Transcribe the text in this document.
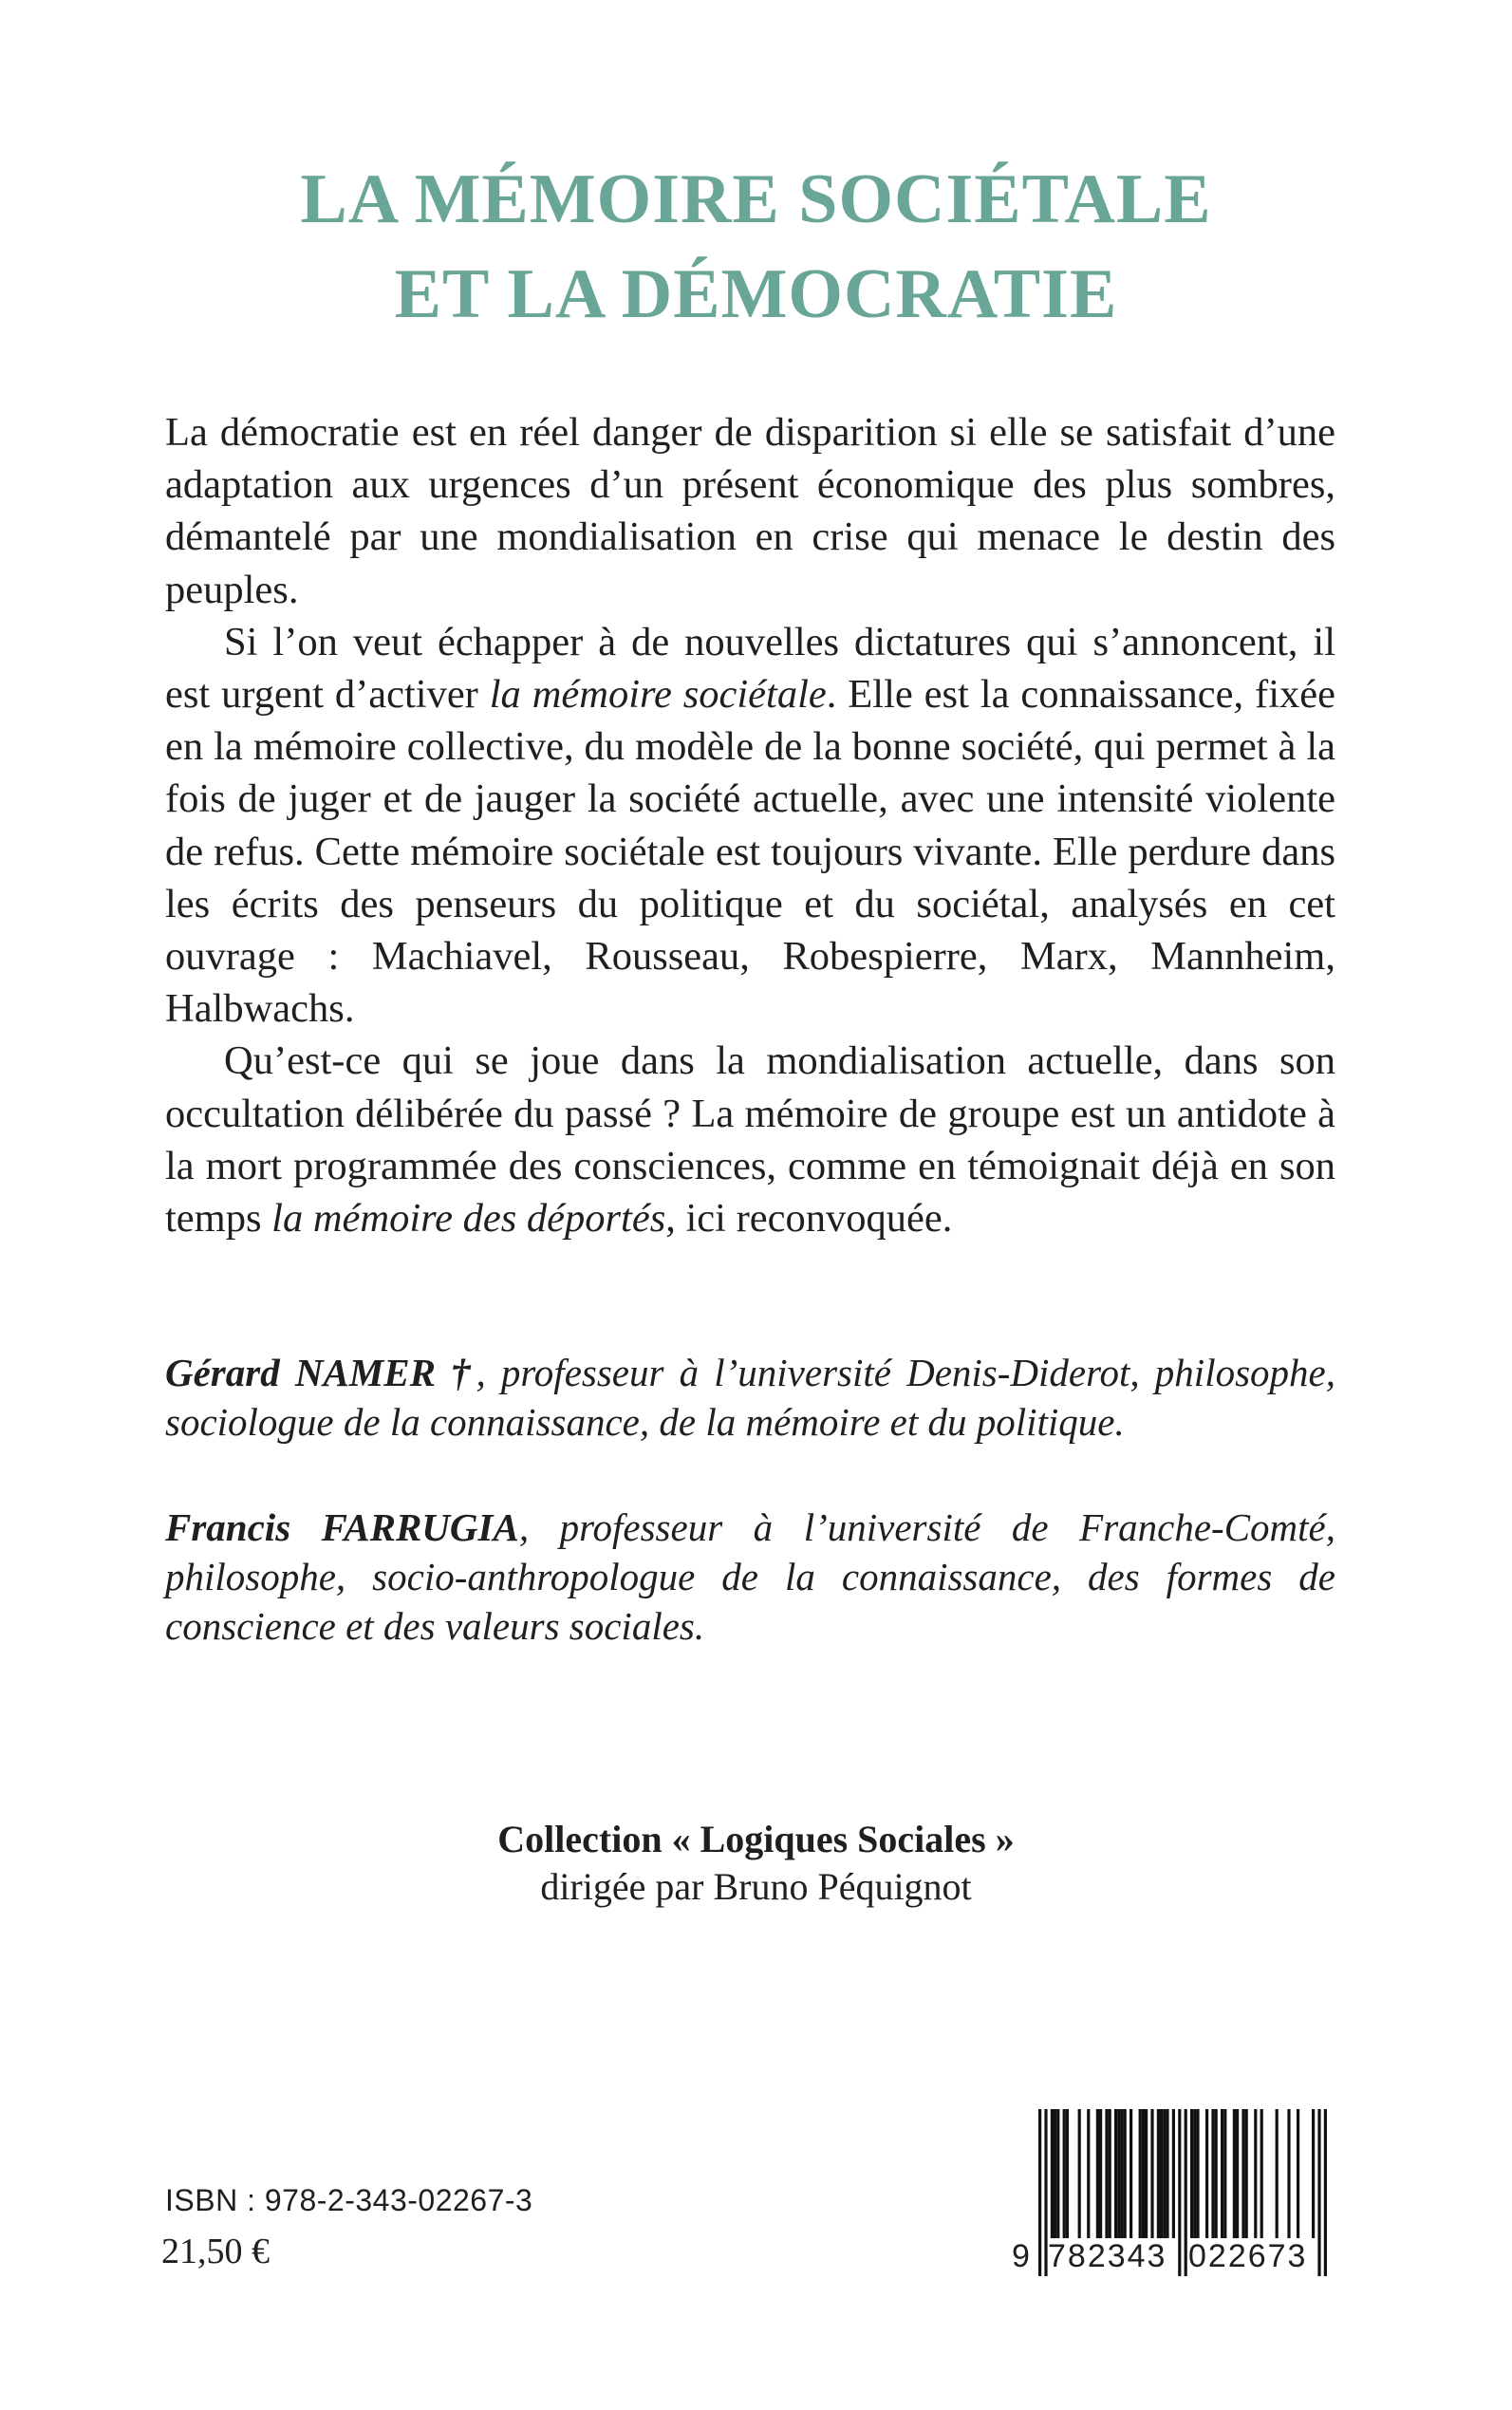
LA MÉMOIRE SOCIÉTALE
ET LA DÉMOCRATIE

La démocratie est en réel danger de disparition si elle se satisfait d’une adaptation aux urgences d’un présent économique des plus sombres, démantelé par une mondialisation en crise qui menace le destin des peuples.

Si l’on veut échapper à de nouvelles dictatures qui s’annoncent, il est urgent d’activer la mémoire sociétale. Elle est la connaissance, fixée en la mémoire collective, du modèle de la bonne société, qui permet à la fois de juger et de jauger la société actuelle, avec une intensité violente de refus. Cette mémoire sociétale est toujours vivante. Elle perdure dans les écrits des penseurs du politique et du sociétal, analysés en cet ouvrage : Machiavel, Rousseau, Robespierre, Marx, Mannheim, Halbwachs.

Qu’est-ce qui se joue dans la mondialisation actuelle, dans son occultation délibérée du passé ? La mémoire de groupe est un antidote à la mort programmée des consciences, comme en témoignait déjà en son temps la mémoire des déportés, ici reconvoquée.

Gérard NAMER †, professeur à l’université Denis-Diderot, philosophe, sociologue de la connaissance, de la mémoire et du politique.

Francis FARRUGIA, professeur à l’université de Franche-Comté, philosophe, socio-anthropologue de la connaissance, des formes de conscience et des valeurs sociales.

Collection « Logiques Sociales »
dirigée par Bruno Péquignot
ISBN : 978-2-343-02267-3
21,50 €	9 782343 022673
